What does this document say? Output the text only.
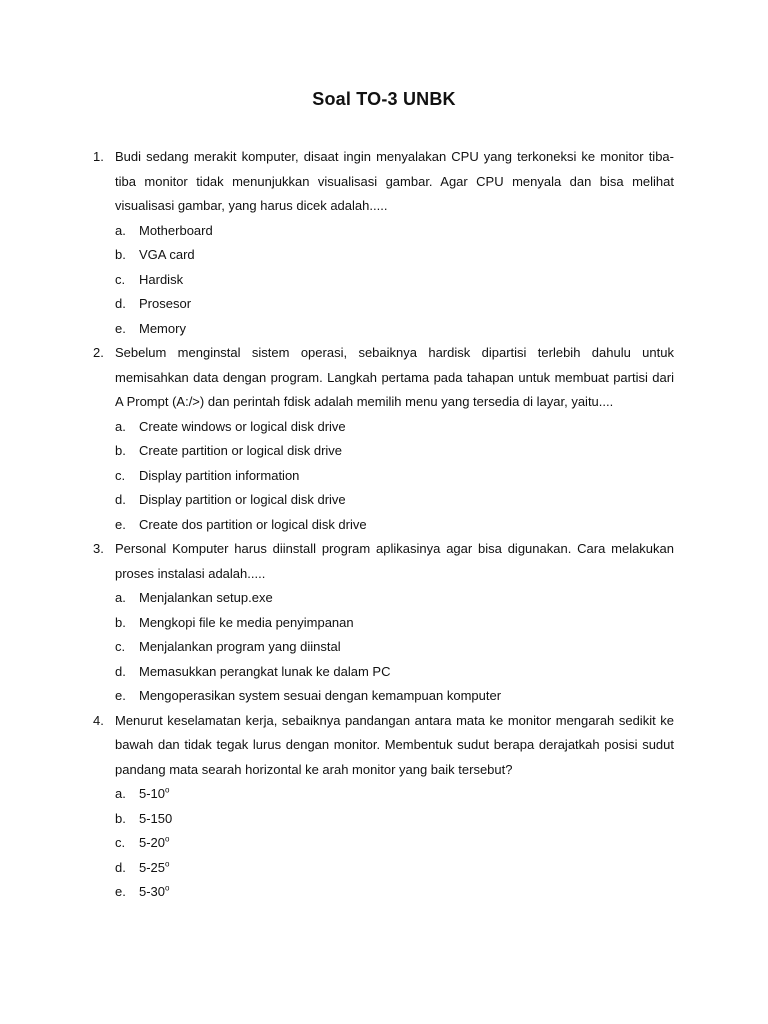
Soal TO-3 UNBK
1. Budi sedang merakit komputer, disaat ingin menyalakan CPU yang terkoneksi ke monitor tiba-tiba monitor tidak menunjukkan visualisasi gambar. Agar CPU menyala dan bisa melihat visualisasi gambar, yang harus dicek adalah.....

a.	Motherboard
b.	VGA card
c.	Hardisk
d.	Prosesor
e.	Memory
2. Sebelum menginstal sistem operasi, sebaiknya hardisk dipartisi terlebih dahulu untuk memisahkan data dengan program. Langkah pertama pada tahapan untuk membuat partisi dari A Prompt (A:/>) dan perintah fdisk adalah memilih menu yang tersedia di layar, yaitu....

a.	Create windows or logical disk drive
b.	Create partition or logical disk drive
c.	Display partition information
d.	Display partition or logical disk drive
e.	Create dos partition or logical disk drive
3. Personal Komputer harus diinstall program aplikasinya agar bisa digunakan. Cara melakukan proses instalasi adalah.....

a.	Menjalankan setup.exe
b.	Mengkopi file ke media penyimpanan
c.	Menjalankan program yang diinstal
d.	Memasukkan perangkat lunak ke dalam PC
e.	Mengoperasikan system sesuai dengan kemampuan komputer
4. Menurut keselamatan kerja, sebaiknya pandangan antara mata ke monitor mengarah sedikit ke bawah dan tidak tegak lurus dengan monitor. Membentuk sudut berapa derajatkah posisi sudut pandang mata searah horizontal ke arah monitor yang baik tersebut?

a.	5-10$^o$
b.	5-150
c.	5-20$^o$
d.	5-25$^o$
e.	5-30$^o$
